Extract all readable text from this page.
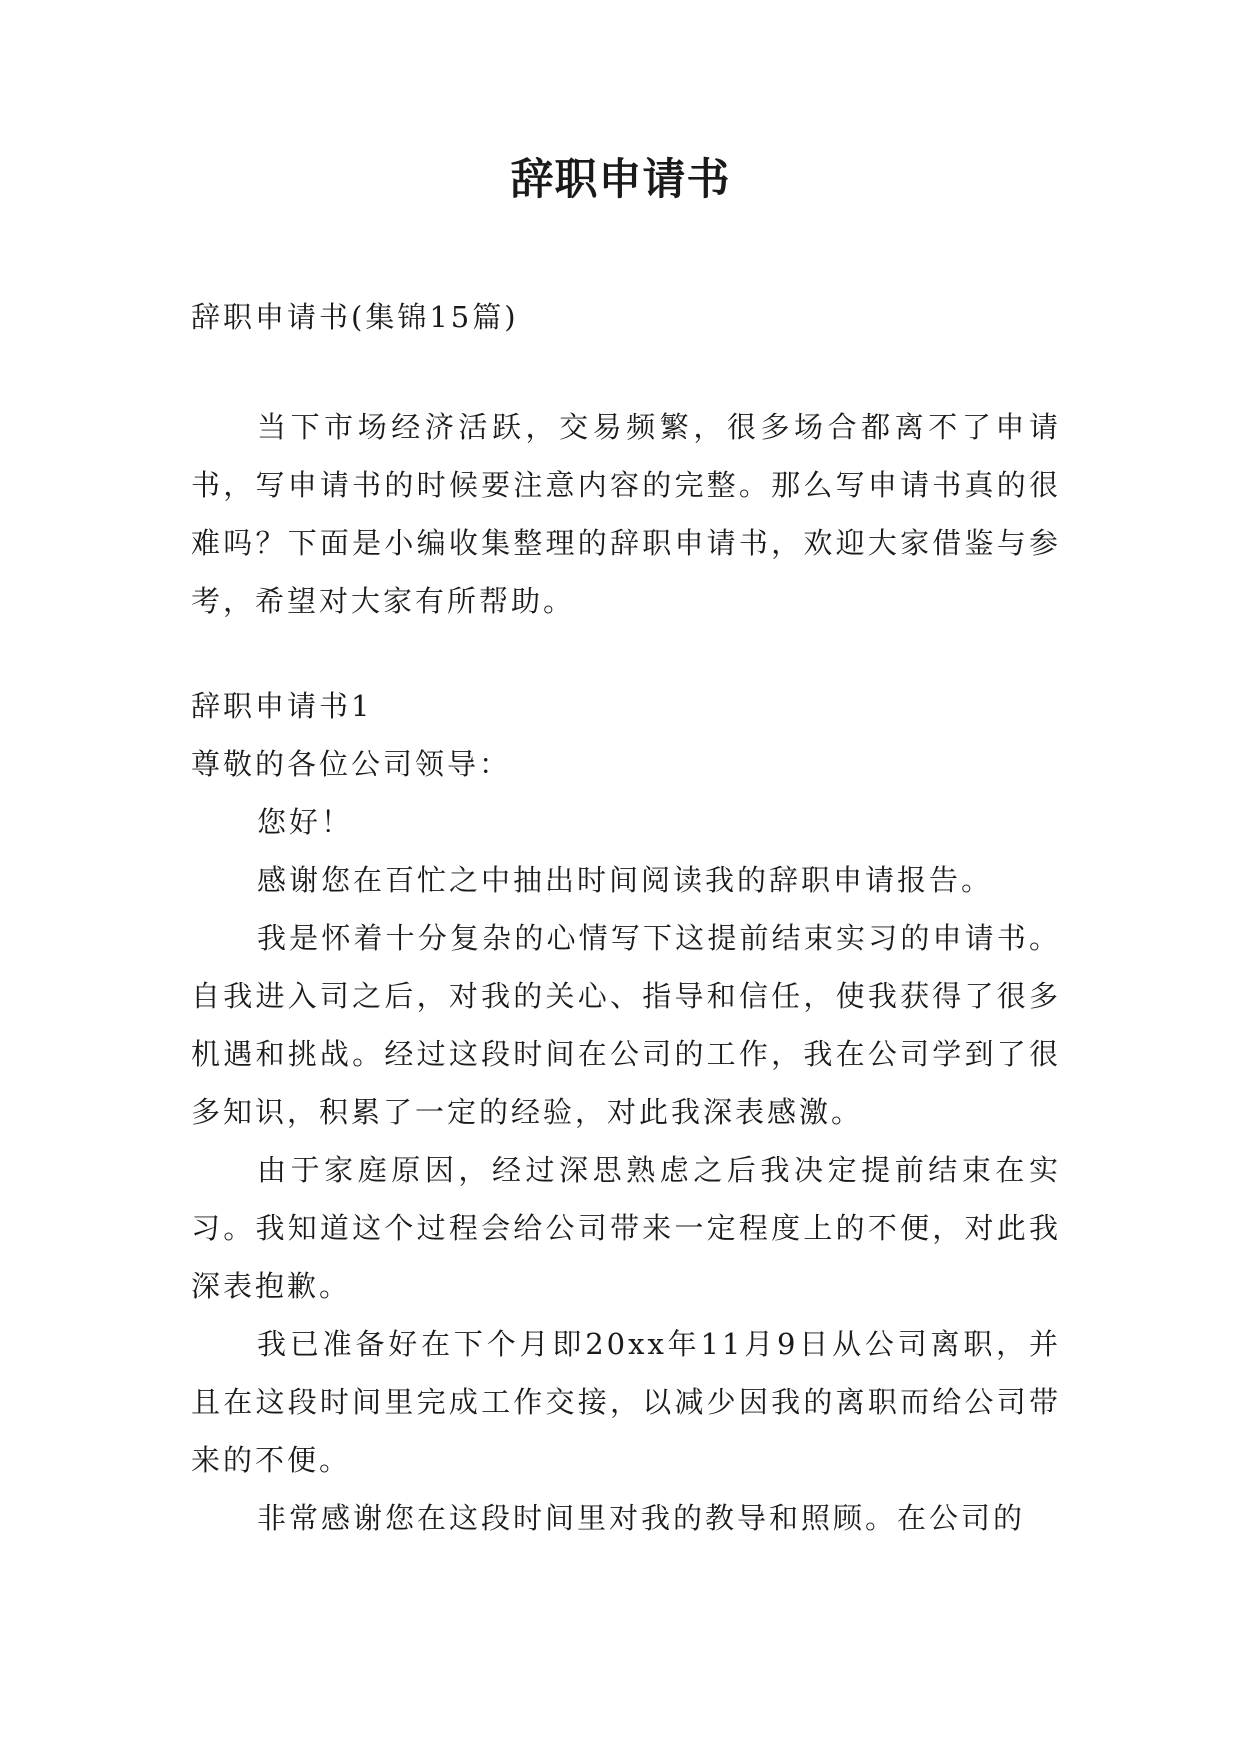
辞职申请书

辞职申请书(集锦15篇)

当下市场经济活跃，交易频繁，很多场合都离不了申请书，写申请书的时候要注意内容的完整。那么写申请书真的很难吗？下面是小编收集整理的辞职申请书，欢迎大家借鉴与参考，希望对大家有所帮助。

辞职申请书1

尊敬的各位公司领导：

您好！

感谢您在百忙之中抽出时间阅读我的辞职申请报告。

我是怀着十分复杂的心情写下这提前结束实习的申请书。自我进入司之后，对我的关心、指导和信任，使我获得了很多机遇和挑战。经过这段时间在公司的工作，我在公司学到了很多知识，积累了一定的经验，对此我深表感激。

由于家庭原因，经过深思熟虑之后我决定提前结束在实习。我知道这个过程会给公司带来一定程度上的不便，对此我深表抱歉。

我已准备好在下个月即20xx年11月9日从公司离职，并且在这段时间里完成工作交接，以减少因我的离职而给公司带来的不便。

非常感谢您在这段时间里对我的教导和照顾。在公司的
